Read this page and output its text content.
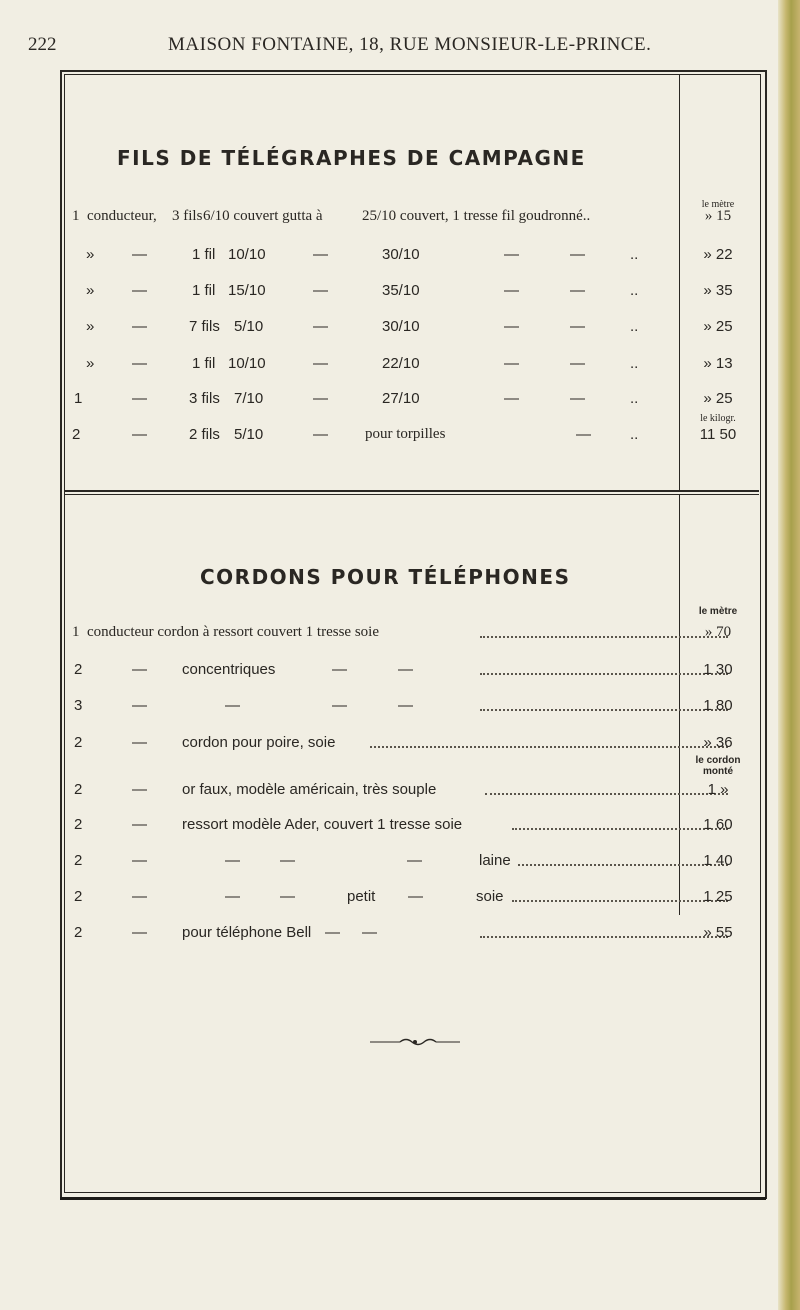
222	MAISON FONTAINE, 18, RUE MONSIEUR-LE-PRINCE.
FILS DE TÉLÉGRAPHES DE CAMPAGNE
le mètre
1 conducteur, 3 fils 6/10 couvert gutta à	25/10 couvert, 1 tresse fil goudronné..	» 15
»	—	1 fil 10/10	—	30/10	—	—	..	» 22
»	—	1 fil 15/10	—	35/10	—	—	..	» 35
»	—	7 fils 5/10	—	30/10	—	—	..	» 25
»	—	1 fil 10/10	—	22/10	—	—	..	» 13
1	—	3 fils 7/10	—	27/10	—	—	..	» 25
le kilogr.
2	—	2 fils 5/10	— pour torpilles	—	..	11 50
CORDONS POUR TÉLÉPHONES
le mètre
1 conducteur cordon à ressort couvert 1 tresse soie	» 70
2	— concentriques	—	—	1 30
3	—	—	—	—	1 80
2	— cordon pour poire, soie	» 36
le cordon
monté
2	— or faux, modèle américain, très souple	1 »
2	— ressort modèle Ader, couvert 1 tresse soie	1 60
2	—	—	—	—	laine	1 40
2	—	—	—	petit —	soie	1 25
2	— pour téléphone Bell — —	» 55
